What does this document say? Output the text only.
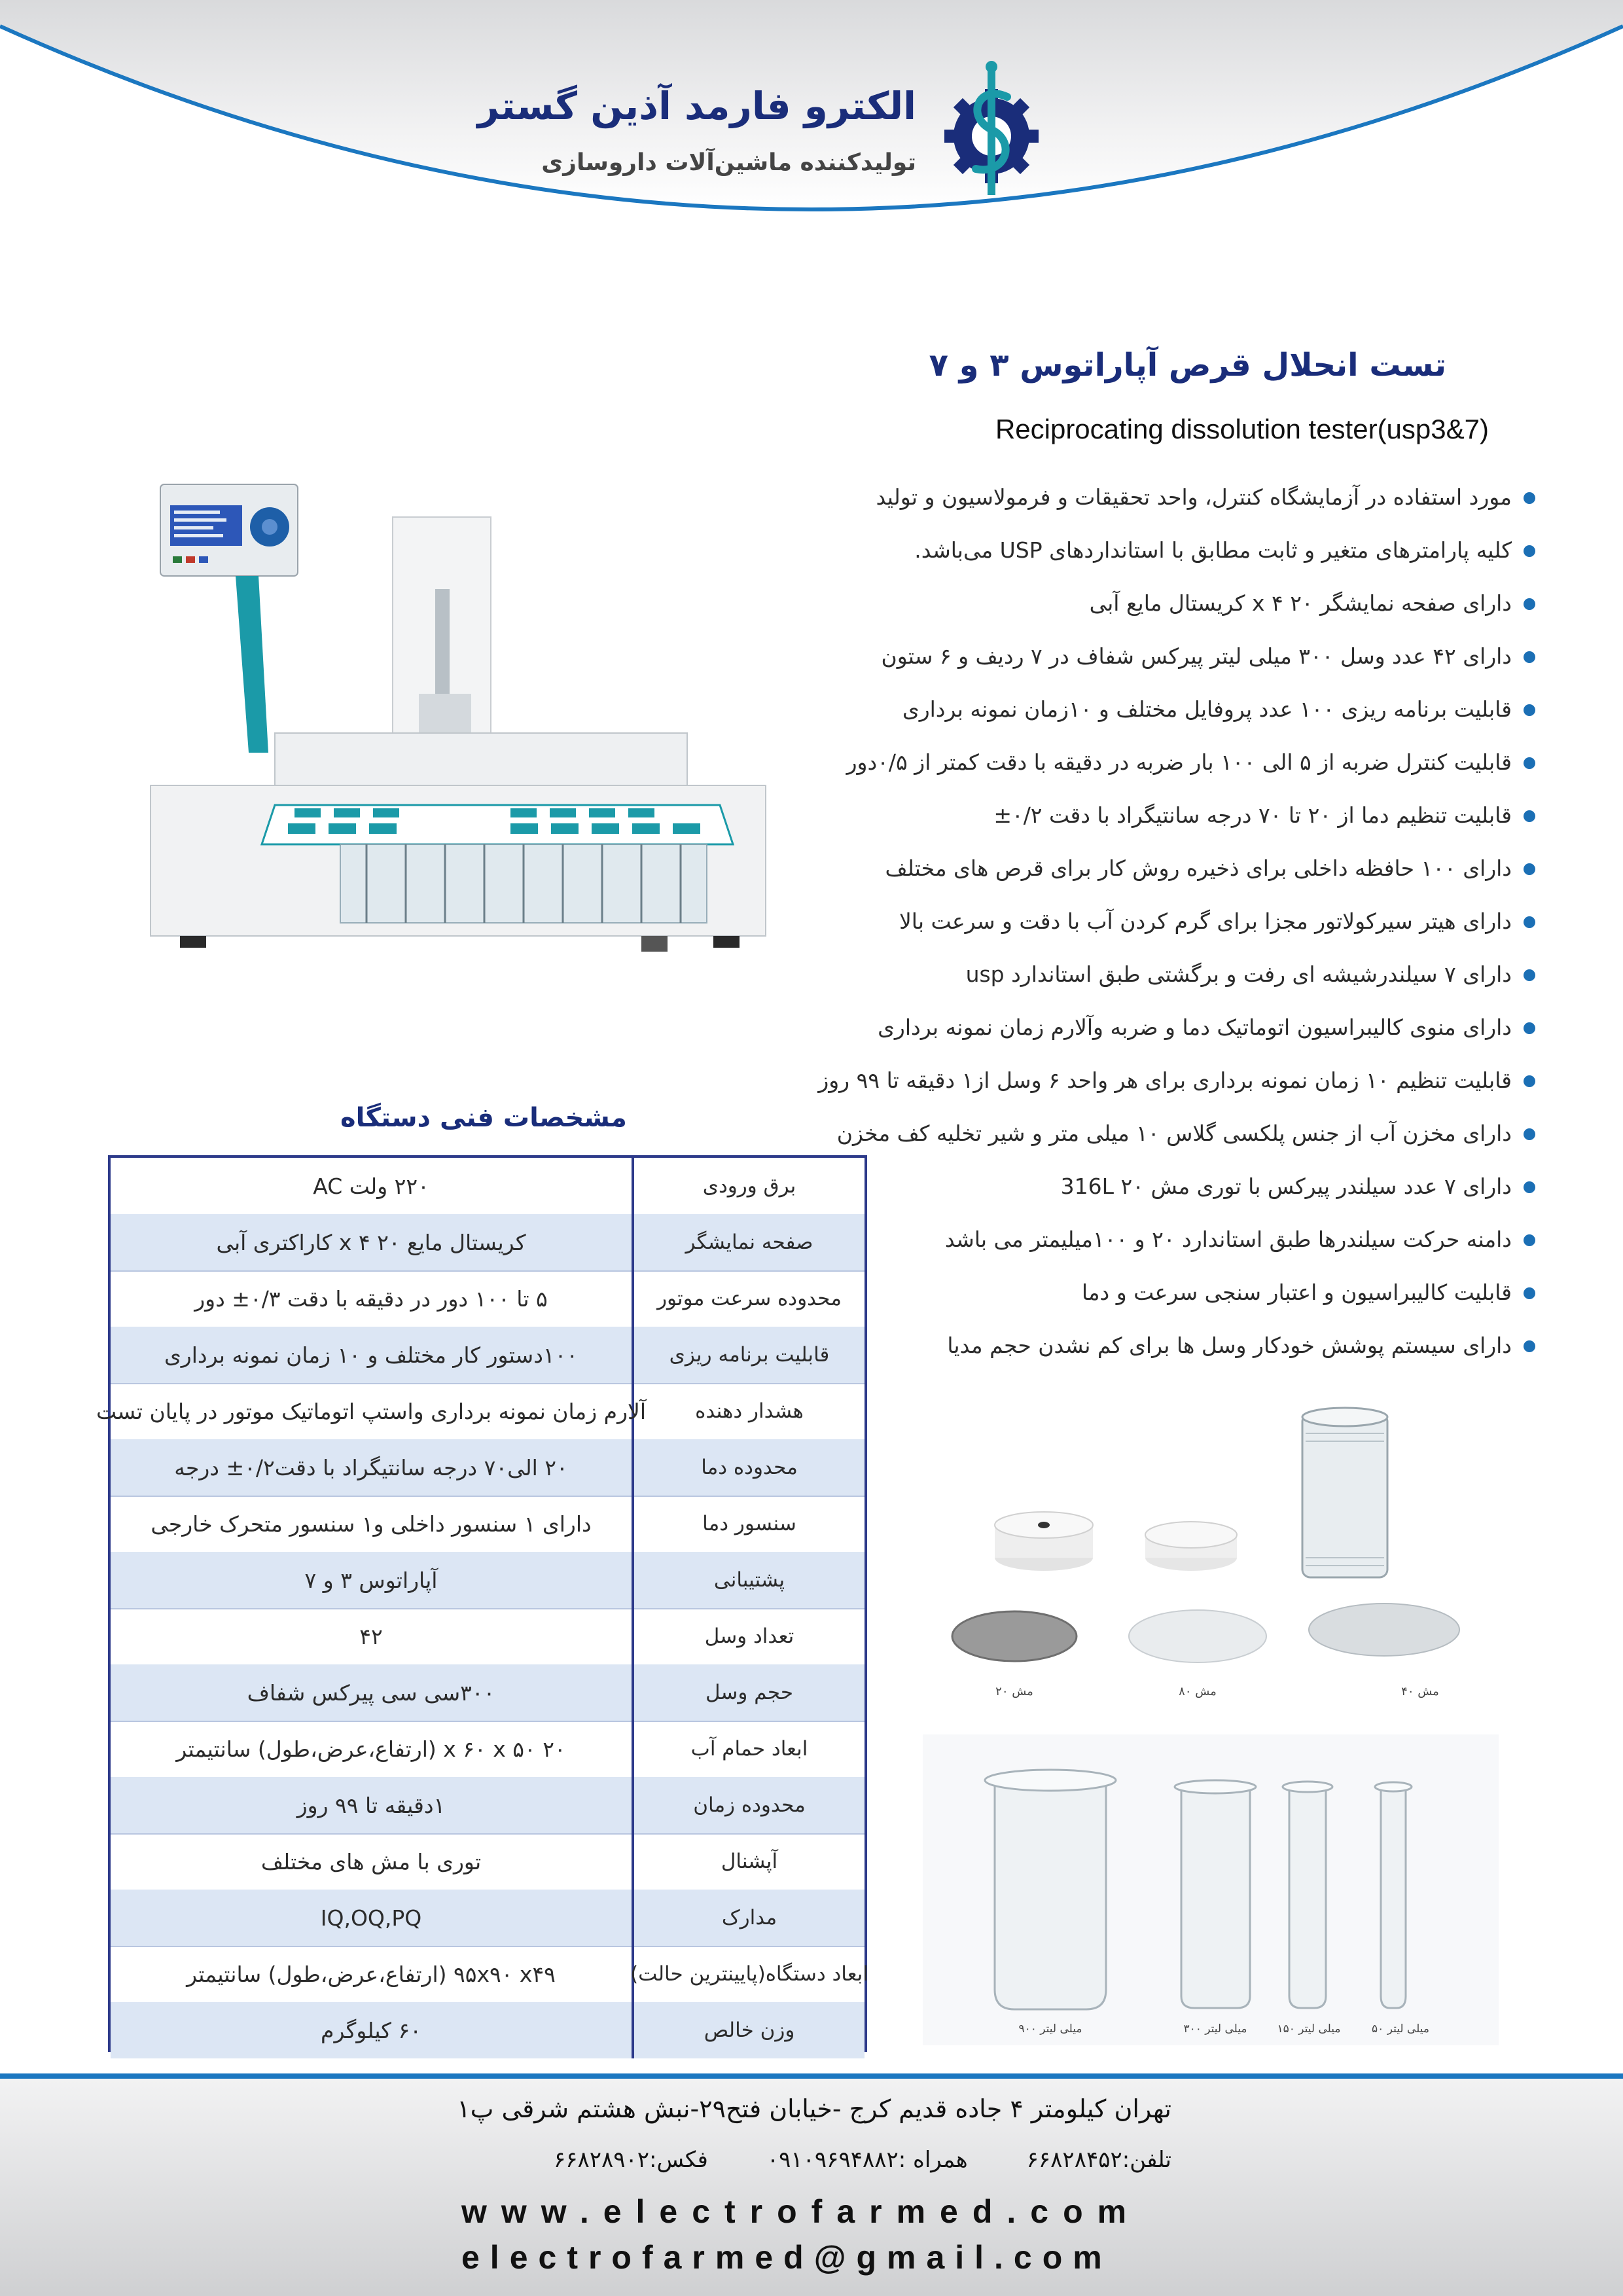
الکترو فارمد آذین گستر
تولیدکننده ماشین‌آلات داروسازی
تست انحلال قرص آپاراتوس ۳ و ۷
Reciprocating dissolution tester(usp3&7)
مورد استفاده در آزمایشگاه کنترل، واحد تحقیقات و فرمولاسیون و تولید
کلیه پارامترهای متغیر و ثابت مطابق با استانداردهای USP می‌باشد.
دارای صفحه نمایشگر ۲۰ x ۴ کریستال مایع آبی
دارای ۴۲ عدد وسل ۳۰۰ میلی لیتر پیرکس شفاف در ۷ ردیف و ۶ ستون
قابلیت برنامه ریزی ۱۰۰ عدد پروفایل مختلف و ۱۰زمان نمونه برداری
قابلیت کنترل ضربه از ۵ الی ۱۰۰ بار ضربه در دقیقه با دقت کمتر از ۰/۵دور
قابلیت تنظیم دما از ۲۰ تا ۷۰ درجه سانتیگراد با دقت ۰/۲±
دارای ۱۰۰ حافظه داخلی برای ذخیره روش کار برای قرص های مختلف
دارای هیتر سیرکولاتور مجزا برای گرم کردن آب با دقت و سرعت بالا
دارای ۷ سیلندرشیشه ای رفت و برگشتی طبق استاندارد usp
دارای منوی کالیبراسیون اتوماتیک دما و ضربه وآلارم زمان نمونه برداری
قابلیت تنظیم ۱۰ زمان نمونه برداری برای هر واحد ۶ وسل از۱ دقیقه تا ۹۹ روز
دارای مخزن آب از جنس پلکسی گلاس ۱۰ میلی متر و شیر تخلیه کف مخزن
دارای ۷ عدد سیلندر پیرکس با توری مش ۲۰ 316L
دامنه حرکت سیلندرها طبق استاندارد ۲۰ و ۱۰۰میلیمتر می باشد
قابلیت کالیبراسیون و اعتبار سنجی سرعت و دما
دارای سیستم پوشش خودکار وسل ها برای کم نشدن حجم مدیا
مشخصات فنی دستگاه
۲۲۰ ولت AC	برق ورودی
کریستال مایع ۲۰ x ۴ کاراکتری آبی	صفحه نمایشگر
۵ تا ۱۰۰ دور در دقیقه با دقت ۰/۳± دور	محدوده سرعت موتور
۱۰۰دستور کار مختلف و ۱۰ زمان نمونه برداری	قابلیت برنامه ریزی
آلارم زمان نمونه برداری واستپ اتوماتیک موتور در پایان تست	هشدار دهنده
۲۰ الی۷۰ درجه سانتیگراد با دقت۰/۲± درجه	محدوده دما
دارای ۱ سنسور داخلی و۱ سنسور متحرک خارجی	سنسور دما
آپاراتوس ۳ و ۷	پشتیبانی
۴۲	تعداد وسل
۳۰۰سی سی پیرکس شفاف	حجم وسل
۲۰ x ۶۰ x ۵۰ (ارتفاع،عرض،طول) سانتیمتر	ابعاد حمام آب
۱دقیقه تا ۹۹ روز	محدوده زمان
توری با مش های مختلف	آپشنال
IQ,OQ,PQ	مدارک
۹۵x۹۰ x۴۹ (ارتفاع،عرض،طول) سانتیمتر	ابعاد دستگاه(پایینترین حالت)
۶۰ کیلوگرم	وزن خالص
مش ۲۰	مش ۸۰	مش ۴۰
۹۰۰ میلی لیتر	۳۰۰ میلی لیتر	۱۵۰ میلی لیتر	۵۰ میلی لیتر
تهران کیلومتر ۴ جاده قدیم کرج -خیابان فتح۲۹-نبش هشتم شرقی پ۱
تلفن:۶۶۸۲۸۴۵۲
همراه :۰۹۱۰۹۶۹۴۸۸۲
فکس:۶۶۸۲۸۹۰۲
www.electrofarmed.com
electrofarmed@gmail.com
